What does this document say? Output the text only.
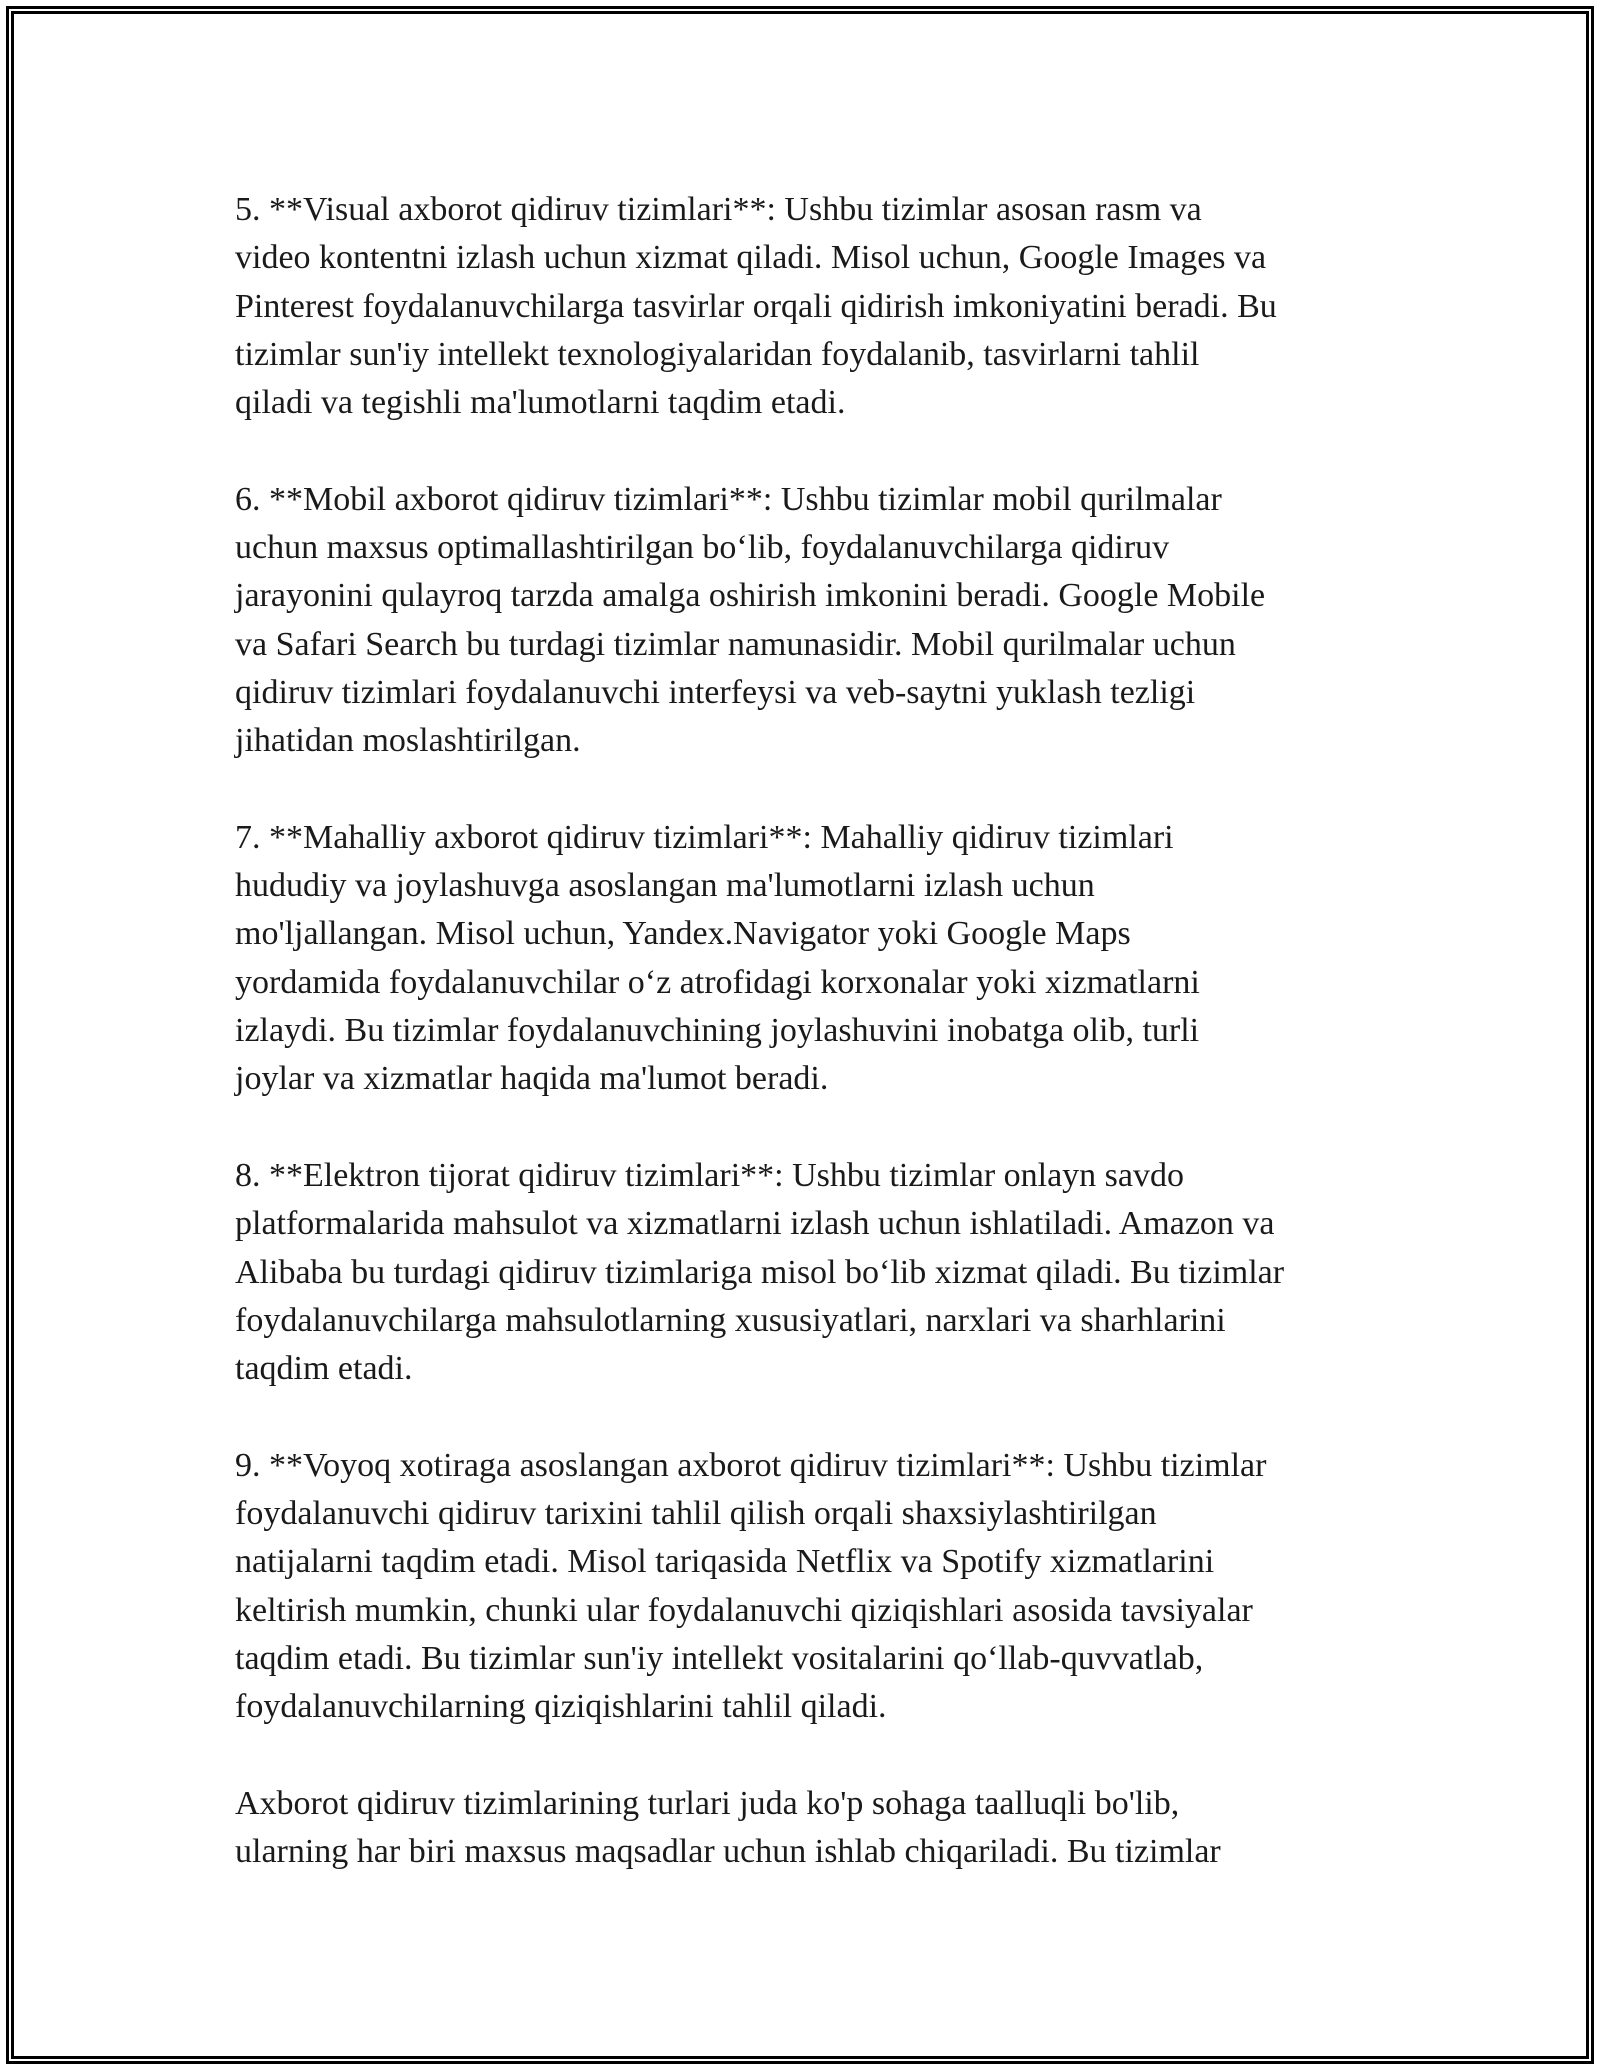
5. **Visual axborot qidiruv tizimlari**: Ushbu tizimlar asosan rasm va
video kontentni izlash uchun xizmat qiladi. Misol uchun, Google Images va
Pinterest foydalanuvchilarga tasvirlar orqali qidirish imkoniyatini beradi. Bu
tizimlar sun'iy intellekt texnologiyalaridan foydalanib, tasvirlarni tahlil
qiladi va tegishli ma'lumotlarni taqdim etadi.

6. **Mobil axborot qidiruv tizimlari**: Ushbu tizimlar mobil qurilmalar
uchun maxsus optimallashtirilgan bo‘lib, foydalanuvchilarga qidiruv
jarayonini qulayroq tarzda amalga oshirish imkonini beradi. Google Mobile
va Safari Search bu turdagi tizimlar namunasidir. Mobil qurilmalar uchun
qidiruv tizimlari foydalanuvchi interfeysi va veb-saytni yuklash tezligi
jihatidan moslashtirilgan.

7. **Mahalliy axborot qidiruv tizimlari**: Mahalliy qidiruv tizimlari
hududiy va joylashuvga asoslangan ma'lumotlarni izlash uchun
mo'ljallangan. Misol uchun, Yandex.Navigator yoki Google Maps
yordamida foydalanuvchilar o‘z atrofidagi korxonalar yoki xizmatlarni
izlaydi. Bu tizimlar foydalanuvchining joylashuvini inobatga olib, turli
joylar va xizmatlar haqida ma'lumot beradi.

8. **Elektron tijorat qidiruv tizimlari**: Ushbu tizimlar onlayn savdo
platformalarida mahsulot va xizmatlarni izlash uchun ishlatiladi. Amazon va
Alibaba bu turdagi qidiruv tizimlariga misol bo‘lib xizmat qiladi. Bu tizimlar
foydalanuvchilarga mahsulotlarning xususiyatlari, narxlari va sharhlarini
taqdim etadi.

9. **Voyoq xotiraga asoslangan axborot qidiruv tizimlari**: Ushbu tizimlar
foydalanuvchi qidiruv tarixini tahlil qilish orqali shaxsiylashtirilgan
natijalarni taqdim etadi. Misol tariqasida Netflix va Spotify xizmatlarini
keltirish mumkin, chunki ular foydalanuvchi qiziqishlari asosida tavsiyalar
taqdim etadi. Bu tizimlar sun'iy intellekt vositalarini qo‘llab-quvvatlab,
foydalanuvchilarning qiziqishlarini tahlil qiladi.

Axborot qidiruv tizimlarining turlari juda ko'p sohaga taalluqli bo'lib,
ularning har biri maxsus maqsadlar uchun ishlab chiqariladi. Bu tizimlar
